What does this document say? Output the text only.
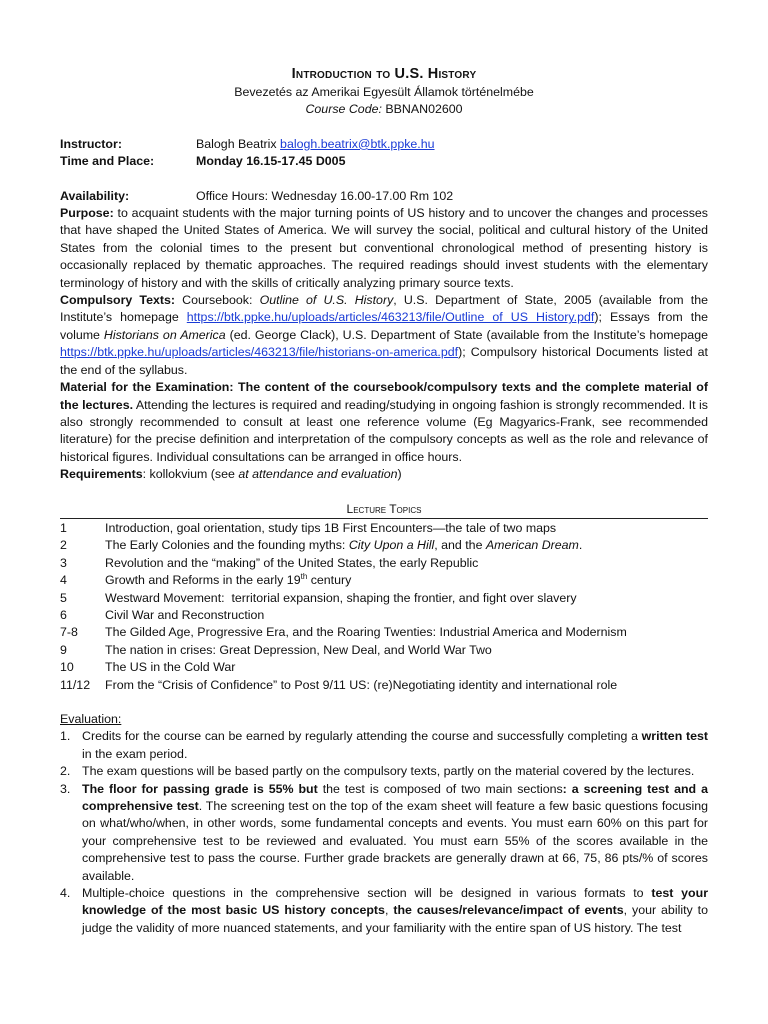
Introduction to U.S. History

Bevezetés az Amerikai Egyesült Államok történelmébe

Course Code: BBNAN02600

Instructor:	Balogh Beatrix balogh.beatrix@btk.ppke.hu
Time and Place:	Monday 16.15-17.45 D005
Availability:	Office Hours: Wednesday 16.00-17.00 Rm 102

Purpose: to acquaint students with the major turning points of US history and to uncover the changes and processes that have shaped the United States of America. We will survey the social, political and cultural history of the United States from the colonial times to the present but conventional chronological method of presenting history is occasionally replaced by thematic approaches. The required readings should invest students with the elementary terminology of history and with the skills of critically analyzing primary source texts.

Compulsory Texts: Coursebook: Outline of U.S. History, U.S. Department of State, 2005 (available from the Institute’s homepage https://btk.ppke.hu/uploads/articles/463213/file/Outline of US History.pdf); Essays from the volume Historians on America (ed. George Clack), U.S. Department of State (available from the Institute’s homepage https://btk.ppke.hu/uploads/articles/463213/file/historians-on-america.pdf); Compulsory historical Documents listed at the end of the syllabus.

Material for the Examination: The content of the coursebook/compulsory texts and the complete material of the lectures. Attending the lectures is required and reading/studying in ongoing fashion is strongly recommended. It is also strongly recommended to consult at least one reference volume (Eg Magyarics-Frank, see recommended literature) for the precise definition and interpretation of the compulsory concepts as well as the role and relevance of historical figures. Individual consultations can be arranged in office hours.

Requirements: kollokvium (see at attendance and evaluation)

Lecture Topics

1	Introduction, goal orientation, study tips 1B First Encounters—the tale of two maps
2	The Early Colonies and the founding myths: City Upon a Hill, and the American Dream.
3	Revolution and the “making” of the United States, the early Republic
4	Growth and Reforms in the early 19th century
5	Westward Movement:  territorial expansion, shaping the frontier, and fight over slavery
6	Civil War and Reconstruction
7-8	The Gilded Age, Progressive Era, and the Roaring Twenties: Industrial America and Modernism
9	The nation in crises: Great Depression, New Deal, and World War Two
10	The US in the Cold War
11/12	From the “Crisis of Confidence” to Post 9/11 US: (re)Negotiating identity and international role

Evaluation:

1. Credits for the course can be earned by regularly attending the course and successfully completing a written test in the exam period.
2. The exam questions will be based partly on the compulsory texts, partly on the material covered by the lectures.
3. The floor for passing grade is 55% but the test is composed of two main sections: a screening test and a comprehensive test. The screening test on the top of the exam sheet will feature a few basic questions focusing on what/who/when, in other words, some fundamental concepts and events. You must earn 60% on this part for your comprehensive test to be reviewed and evaluated. You must earn 55% of the scores available in the comprehensive test to pass the course. Further grade brackets are generally drawn at 66, 75, 86 pts/% of scores available.
4. Multiple-choice questions in the comprehensive section will be designed in various formats to test your knowledge of the most basic US history concepts, the causes/relevance/impact of events, your ability to judge the validity of more nuanced statements, and your familiarity with the entire span of US history. The test
